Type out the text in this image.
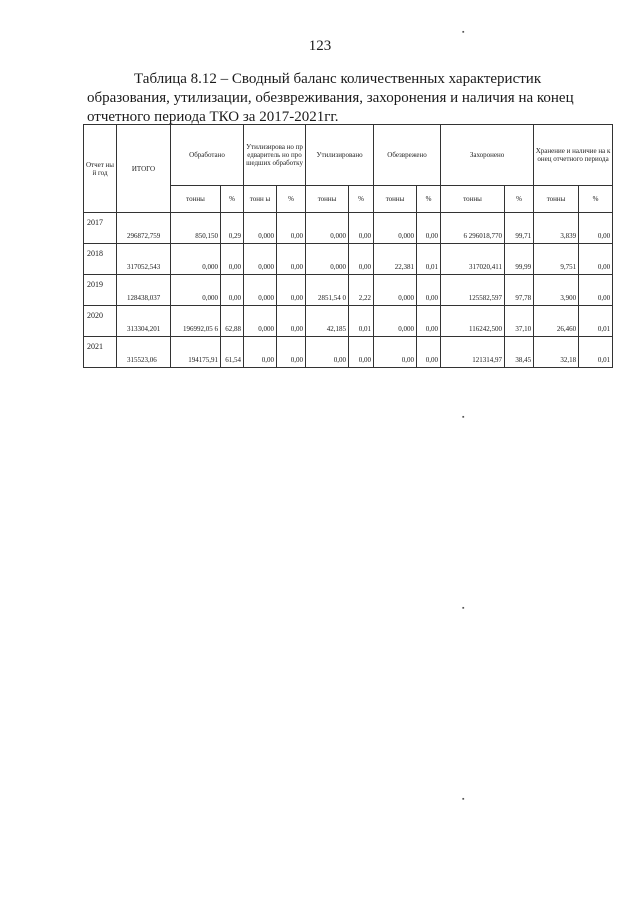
123
Таблица 8.12 – Сводный баланс количественных характеристик
образования, утилизации, обезвреживания, захоронения и наличия на конец
отчетного периода ТКО за 2017-2021гг.
Отчет ный год	ИТОГО	Обработано		Утилизирова но предваритель но прошедших обработку		Утилизировано		Обезврежено		Захоронено		Хранение и наличие на конец отчетного периода	
		тонны	%	тонн ы	%	тонны	%	тонны	%	тонны	%	тонны	%
2017	296872,759	850,150	0,29	0,000	0,00	0,000	0,00	0,000	0,00	6 296018,770	99,71	3,839	0,00
2018	317052,543	0,000	0,00	0,000	0,00	0,000	0,00	22,381	0,01	317020,411	99,99	9,751	0,00
2019	128438,037	0,000	0,00	0,000	0,00	2851,54 0	2,22	0,000	0,00	125582,597	97,78	3,900	0,00
2020	313304,201	196992,05 6	62,88	0,000	0,00	42,185	0,01	0,000	0,00	116242,500	37,10	26,460	0,01
2021	315523,06	194175,91	61,54	0,00	0,00	0,00	0,00	0,00	0,00	121314,97	38,45	32,18	0,01
▪
▪
▪
▪
